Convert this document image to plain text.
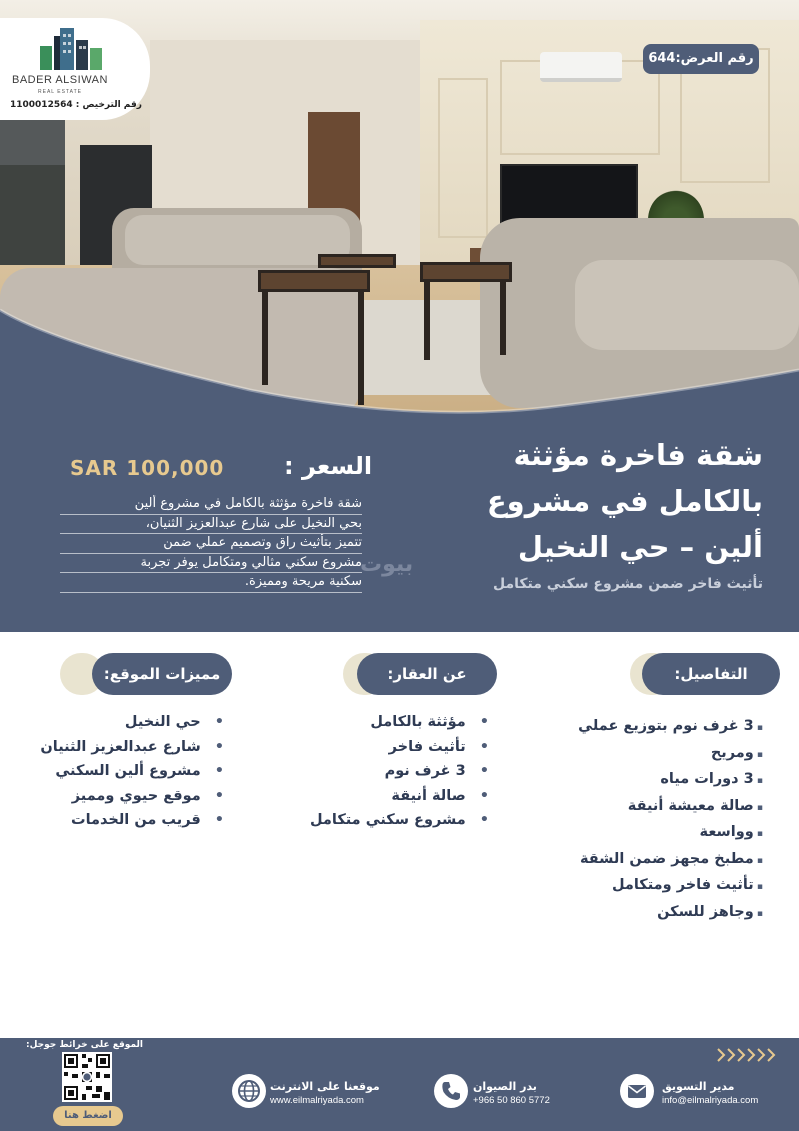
BADER ALSIWAN
REAL ESTATE
رقم الترخيص : 1100012564
رقم العرض:644
شقة فاخرة مؤثثة
بالكامل في مشروع
ألين – حي النخيل
بيوت
تأثيث فاخر ضمن مشروع سكني متكامل
السعر :
SAR 100,000
شقة فاخرة مؤثثة بالكامل في مشروع ألين
بحي النخيل على شارع عبدالعزيز الثنيان،
تتميز بتأثيث راق وتصميم عملي ضمن
مشروع سكني مثالي ومتكامل يوفر تجربة
سكنية مريحة ومميزة.
التفاصيل:
عن العقار:
مميزات الموقع:
▪ 3 غرف نوم بتوزيع عملي
▪ ومريح
▪ 3 دورات مياه
▪ صالة معيشة أنيقة
▪ وواسعة
▪ مطبخ مجهز ضمن الشقة
▪ تأثيث فاخر ومتكامل
▪ وجاهز للسكن
• مؤثثة بالكامل
• تأثيث فاخر
• 3 غرف نوم
• صالة أنيقة
• مشروع سكني متكامل
• حي النخيل
• شارع عبدالعزيز الثنيان
• مشروع ألين السكني
• موقع حيوي ومميز
• قريب من الخدمات
الموقع على خرائط جوجل:
اضغط هنا
موقعنا على الانترنت
www.eilmalriyada.com
بدر الصيوان
+966 50 860 5772
مدير التسويق
info@eilmalriyada.com
